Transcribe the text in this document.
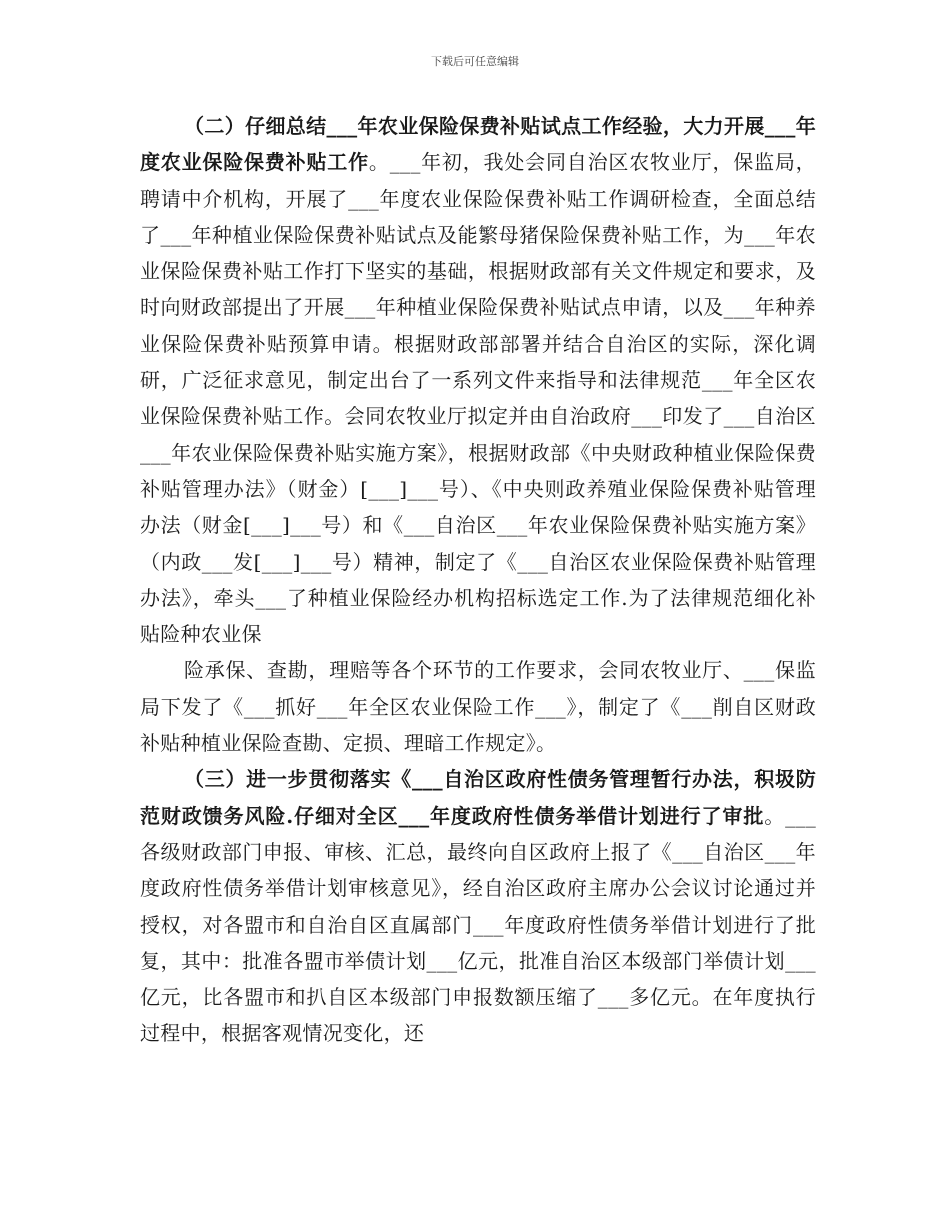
下载后可任意编辑

（二）仔细总结___年农业保险保费补贴试点工作经验，大力开展___年度农业保险保费补贴工作。___年初，我处会同自治区农牧业厅，保监局，聘请中介机构，开展了___年度农业保险保费补贴工作调研检查，全面总结了___年种植业保险保费补贴试点及能繁母猪保险保费补贴工作，为___年农业保险保费补贴工作打下坚实的基础，根据财政部有关文件规定和要求，及时向财政部提出了开展___年种植业保险保费补贴试点申请，以及___年种养业保险保费补贴预算申请。根据财政部部署并结合自治区的实际，深化调研，广泛征求意见，制定出台了一系列文件来指导和法律规范___年全区农业保险保费补贴工作。会同农牧业厅拟定并由自治政府___印发了___自治区___年农业保险保费补贴实施方案》，根据财政部《中央财政种植业保险保费补贴管理办法》（财金）[___]___号）、《中央则政养殖业保险保费补贴管理办法（财金[___]___号）和《___自治区___年农业保险保费补贴实施方案》（内政___发[___]___号）精神，制定了《___自治区农业保险保费补贴管理办法》，牵头___了种植业保险经办机构招标选定工作.为了法律规范细化补贴险种农业保

险承保、查勘，理赔等各个环节的工作要求，会同农牧业厅、___保监局下发了《___抓好___年全区农业保险工作___》，制定了《___削自区财政补贴种植业保险查勘、定损、理暗工作规定》。

（三）进一步贯彻落实《___自治区政府性债务管理暂行办法，积圾防范财政馈务风险.仔细对全区___年度政府性债务举借计划进行了审批。___各级财政部门申报、审核、汇总，最终向自区政府上报了《___自治区___年度政府性债务举借计划审核意见》，经自治区政府主席办公会议讨论通过并授权，对各盟市和自治自区直属部门___年度政府性债务举借计划进行了批复，其中：批准各盟市举债计划___亿元，批准自治区本级部门举债计划___亿元，比各盟市和扒自区本级部门申报数额压缩了___多亿元。在年度执行过程中，根据客观情况变化，还
